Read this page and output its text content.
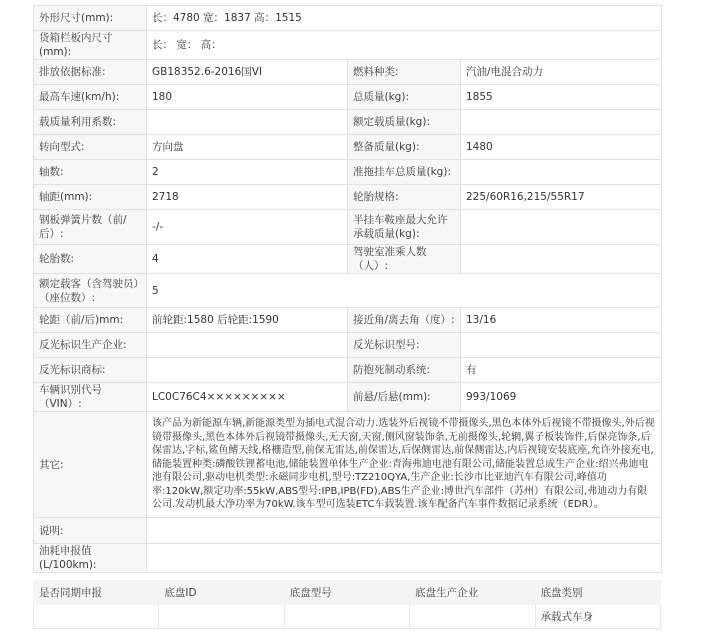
外形尺寸(mm):	长：4780 宽：1837 高：1515		
货箱栏板内尺寸(mm):	长： 宽： 高：		
排放依据标准:	GB18352.6-2016国VI	燃料种类:	汽油/电混合动力
最高车速(km/h):	180	总质量(kg):	1855
载质量利用系数:		额定载质量(kg):	
转向型式:	方向盘	整备质量(kg):	1480
轴数:	2	准拖挂车总质量(kg):	
轴距(mm):	2718	轮胎规格:	225/60R16,215/55R17
钢板弹簧片数（前/后）:	-/-	半挂车鞍座最大允许承载质量(kg):	
轮胎数:	4	驾驶室准乘人数（人）:	
额定载客（含驾驶员）（座位数）:	5		
轮距（前/后)mm:	前轮距:1580 后轮距:1590	接近角/离去角（度）:	13/16
反光标识生产企业:		反光标识型号:	
反光标识商标:		防抱死制动系统:	有
车辆识别代号（VIN）:	LC0C76C4×××××××××	前悬/后悬(mm):	993/1069
其它:	该产品为新能源车辆,新能源类型为插电式混合动力.选装外后视镜不带摄像头,黑色本体外后视镜不带摄像头,外后视镜带摄像头,黑色本体外后视镜带摄像头,无天窗,天窗,侧风窗装饰条,无前摄像头,轮辋,翼子板装饰件,后保亮饰条,后保雷达,字标,鲨鱼鳍天线,格栅造型,前保无雷达,前保雷达,后保侧雷达,前保侧雷达,内后视镜安装底座,允许外接充电,储能装置种类:磷酸铁锂蓄电池,储能装置单体生产企业:青海弗迪电池有限公司,储能装置总成生产企业:绍兴弗迪电池有限公司,驱动电机类型:永磁同步电机,型号:TZ210QYA,生产企业:长沙市比亚迪汽车有限公司,峰值功率:120kW,额定功率:55kW,ABS型号:IPB,IPB(FD),ABS生产企业:博世汽车部件（苏州）有限公司,弗迪动力有限公司.发动机最大净功率为70kW.该车型可选装ETC车载装置.该车配备汽车事件数据记录系统（EDR）。		
说明:			
油耗申报值(L/100km):			
是否同期申报	底盘ID	底盘型号	底盘生产企业	底盘类别
				承载式车身
